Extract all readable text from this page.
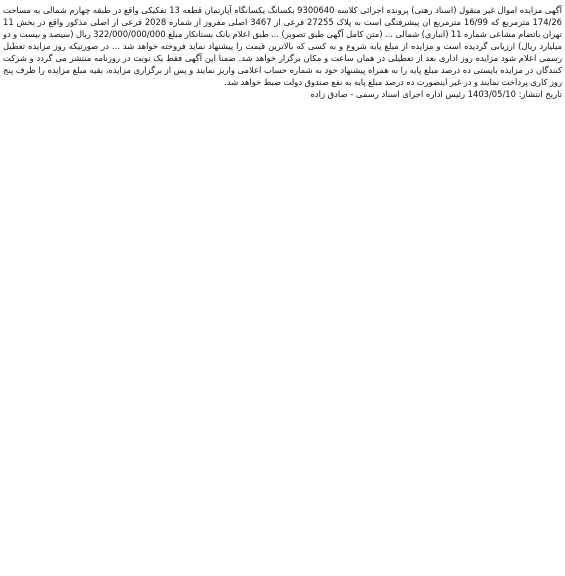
آگهی مزایده اموال غیر منقول (اسناد رهنی) پرونده اجرائی کلاسه 9300640 یکسانگ یکسانگاه آپارتمان قطعه 13 تفکیکی واقع در طبقه چهارم شمالی به مساحت 174/26 مترمربع که 16/99 مترمربع ان پیشرفتگی است به پلاک 27255 فرعی از 3467 اصلی مفروز از شماره 2028 فرعی از اصلی مذکور واقع در بخش 11 تهران باتضام مشاعی شماره 11 (انباری) شمالی ... (متن کامل آگهی طبق تصویر) ... طبق اعلام بانک بستانکار مبلغ 322/000/000/000 ریال (سیصد و بیست و دو میلیارد ریال) ارزیابی گردیده است و مزایده از مبلغ پایه شروع و به کسی که بالاترین قیمت را پیشنهاد نماید فروخته خواهد شد ... در صورتیکه روز مزایده تعطیل رسمی اعلام شود مزایده روز اداری بعد از تعطیلی در همان ساعت و مکان برگزار خواهد شد. ضمنا این آگهی فقط یک نوبت در روزنامه منتشر می گردد و شرکت کنندگان در مزایده بایستی ده درصد مبلغ پایه را به همراه پیشنهاد خود به شماره حساب اعلامی واریز نمایند و پس از برگزاری مزایده، بقیه مبلغ مزایده را ظرف پنج روز کاری پرداخت نمایند و در غیر اینصورت ده درصد مبلغ پایه به نفع صندوق دولت ضبط خواهد شد.

تاریخ انتشار: 1403/05/10 رئیس اداره اجرای اسناد رسمی - صادق زاده
